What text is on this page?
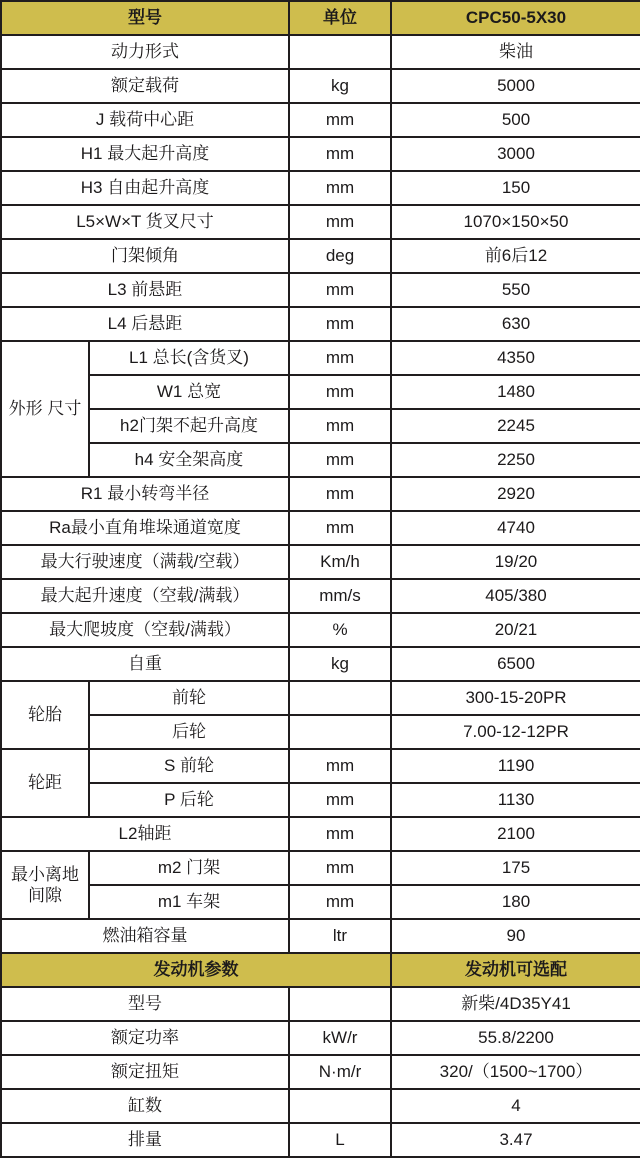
型号		单位	CPC50-5X30
动力形式			柴油
额定载荷		kg	5000
J 载荷中心距		mm	500
H1 最大起升高度		mm	3000
H3 自由起升高度		mm	150
L5×W×T 货叉尺寸		mm	1070×150×50
门架倾角		deg	前6后12
L3 前悬距		mm	550
L4 后悬距		mm	630
外形 尺寸	L1 总长(含货叉)	mm	4350
	W1 总宽	mm	1480
	h2门架不起升高度	mm	2245
	h4 安全架高度	mm	2250
R1 最小转弯半径		mm	2920
Ra最小直角堆垛通道宽度		mm	4740
最大行驶速度（满载/空载）		Km/h	19/20
最大起升速度（空载/满载）		mm/s	405/380
最大爬坡度（空载/满载）		%	20/21
自重		kg	6500
轮胎	前轮		300-15-20PR
	后轮		7.00-12-12PR
轮距	S 前轮	mm	1190
	P 后轮	mm	1130
L2轴距		mm	2100
最小离地 间隙	m2 门架	mm	175
	m1 车架	mm	180
燃油箱容量		ltr	90
发动机参数			发动机可选配
型号			新柴/4D35Y41
额定功率		kW/r	55.8/2200
额定扭矩		N·m/r	320/（1500~1700）
缸数			4
排量		L	3.47
